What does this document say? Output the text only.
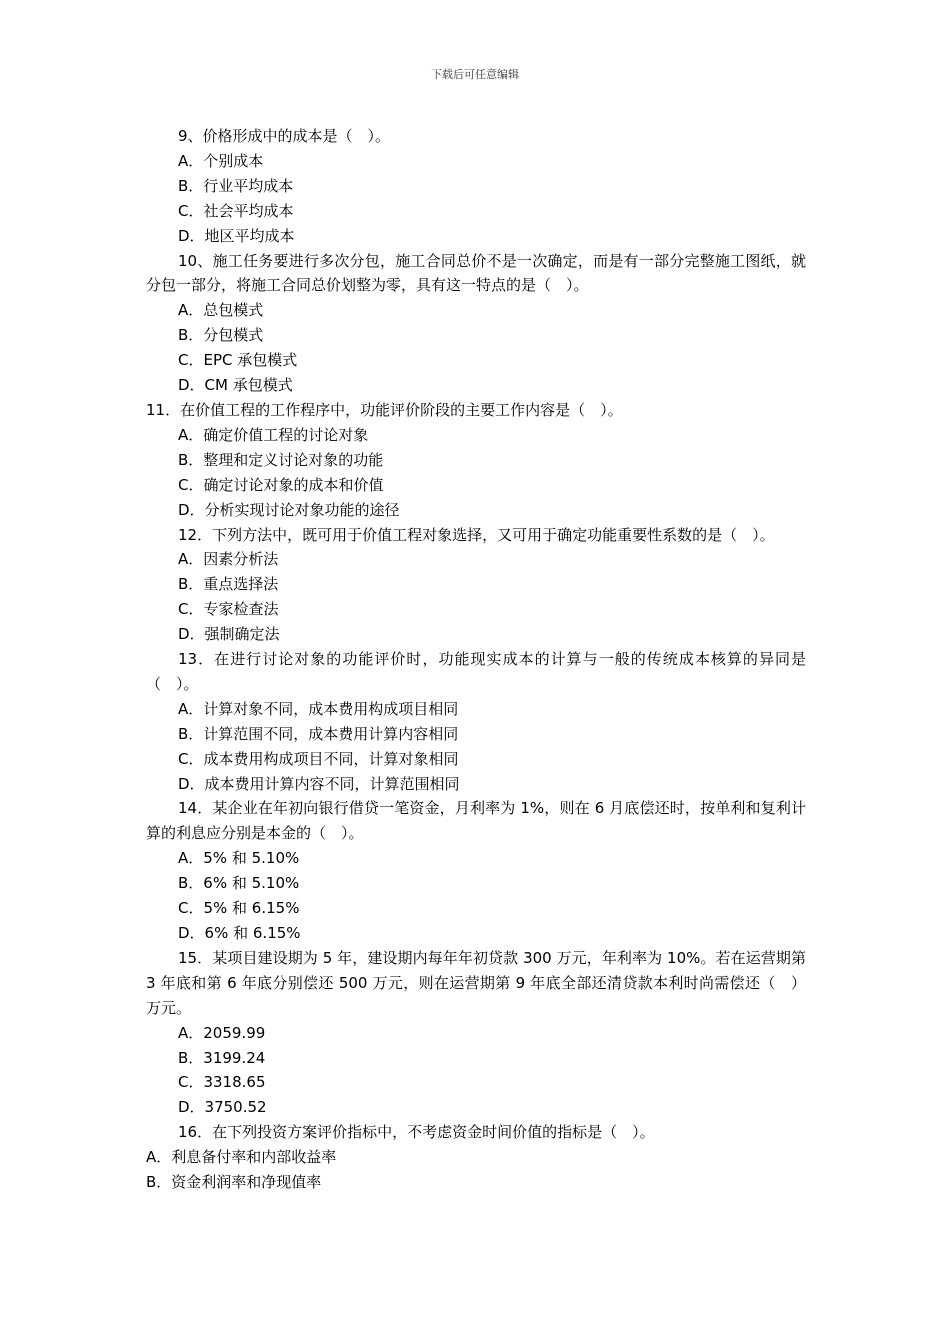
下载后可任意编辑
9、价格形成中的成本是（　）。
A．个别成本
B．行业平均成本
C．社会平均成本
D．地区平均成本
10、施工任务要进行多次分包，施工合同总价不是一次确定，而是有一部分完整施工图纸，就分包一部分，将施工合同总价划整为零，具有这一特点的是（　）。
A．总包模式
B．分包模式
C．EPC 承包模式
D．CM 承包模式
11．在价值工程的工作程序中，功能评价阶段的主要工作内容是（　）。
A．确定价值工程的讨论对象
B．整理和定义讨论对象的功能
C．确定讨论对象的成本和价值
D．分析实现讨论对象功能的途径
12．下列方法中，既可用于价值工程对象选择，又可用于确定功能重要性系数的是（　）。
A．因素分析法
B．重点选择法
C．专家检查法
D．强制确定法
13．在进行讨论对象的功能评价时，功能现实成本的计算与一般的传统成本核算的异同是（　）。
A．计算对象不同，成本费用构成项目相同
B．计算范围不同，成本费用计算内容相同
C．成本费用构成项目不同，计算对象相同
D．成本费用计算内容不同，计算范围相同
14．某企业在年初向银行借贷一笔资金，月利率为 1%，则在 6 月底偿还时，按单利和复利计算的利息应分别是本金的（　）。
A．5% 和 5.10%
B．6% 和 5.10%
C．5% 和 6.15%
D．6% 和 6.15%
15．某项目建设期为 5 年，建设期内每年年初贷款 300 万元，年利率为 10%。若在运营期第 3 年底和第 6 年底分别偿还 500 万元，则在运营期第 9 年底全部还清贷款本利时尚需偿还（　）万元。
A．2059.99
B．3199.24
C．3318.65
D．3750.52
16．在下列投资方案评价指标中，不考虑资金时间价值的指标是（　）。
A．利息备付率和内部收益率
B．资金利润率和净现值率
